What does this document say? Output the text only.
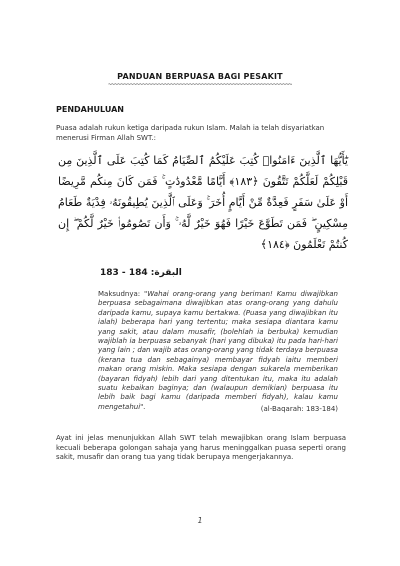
PANDUAN BERPUASA BAGI PESAKIT
~~~~~~~~~~~~~~~~~~~~~~~~~~~~~~~~~~~~~~~~~~~~~~~~~~~~~~~~~~~
PENDAHULUAN
Puasa adalah rukun ketiga daripada rukun Islam. Malah ia telah disyariatkan menerusi Firman Allah SWT.:
يَٰٓأَيُّهَا ٱلَّذِينَ ءَامَنُوا۟ كُتِبَ عَلَيْكُمُ ٱلصِّيَامُ كَمَا كُتِبَ عَلَى ٱلَّذِينَ مِن قَبْلِكُمْ لَعَلَّكُمْ تَتَّقُونَ ﴿١٨٣﴾ أَيَّامًا مَّعْدُودَٰتٍ ۚ فَمَن كَانَ مِنكُم مَّرِيضًا أَوْ عَلَىٰ سَفَرٍ فَعِدَّةٌ مِّنْ أَيَّامٍ أُخَرَ ۚ وَعَلَى ٱلَّذِينَ يُطِيقُونَهُۥ فِدْيَةٌ طَعَامُ مِسْكِينٍ ۖ فَمَن تَطَوَّعَ خَيْرًا فَهُوَ خَيْرٌ لَّهُۥ ۚ وَأَن تَصُومُوا۟ خَيْرٌ لَّكُمْ ۖ إِن كُنتُمْ تَعْلَمُونَ ﴿١٨٤﴾
البقرة: 184 - 183
Maksudnya: "Wahai orang-orang yang beriman! Kamu diwajibkan berpuasa sebagaimana diwajibkan atas orang-orang yang dahulu daripada kamu, supaya kamu bertakwa. (Puasa yang diwajibkan itu ialah) beberapa hari yang tertentu; maka sesiapa diantara kamu yang sakit, atau dalam musafir, (bolehlah ia berbuka) kemudian wajiblah ia berpuasa sebanyak (hari yang dibuka) itu pada hari-hari yang lain ; dan wajib atas orang-orang yang tidak terdaya berpuasa (kerana tua dan sebagainya) membayar fidyah iaitu memberi makan orang miskin. Maka sesiapa dengan sukarela memberikan (bayaran fidyah) lebih dari yang ditentukan itu, maka itu adalah suatu kebaikan baginya; dan (walaupun demikian) berpuasa itu lebih baik bagi kamu (daripada memberi fidyah), kalau kamu mengetahui".	(al-Baqarah: 183-184)
Ayat ini jelas menunjukkan Allah SWT telah mewajibkan orang Islam berpuasa kecuali beberapa golongan sahaja yang harus meninggalkan puasa seperti orang sakit, musafir dan orang tua yang tidak berupaya mengerjakannya.
1
